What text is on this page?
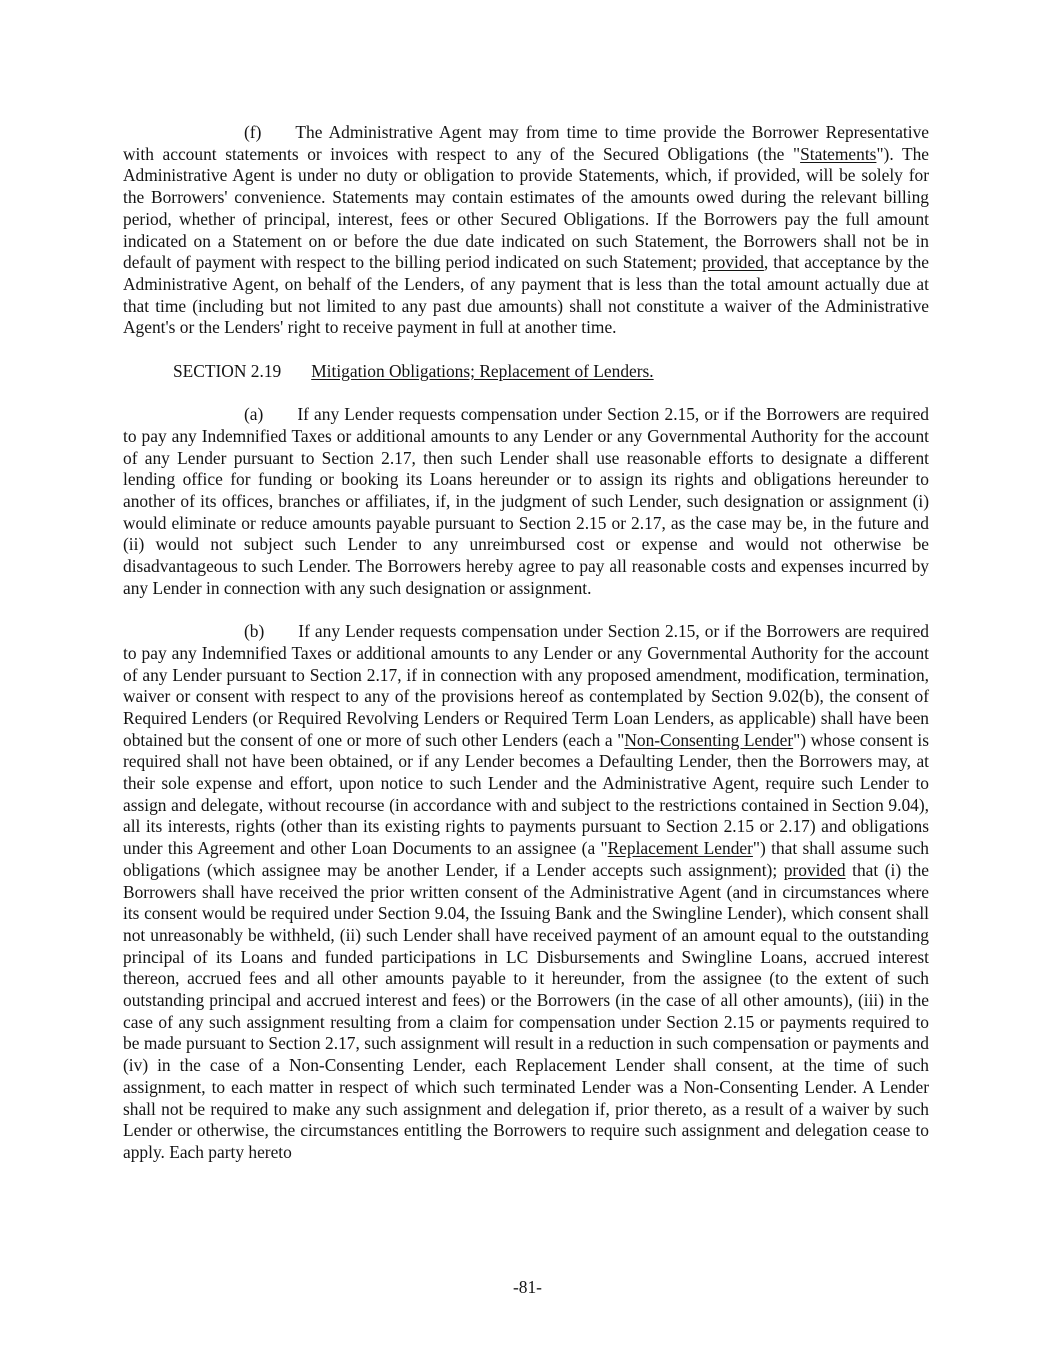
(f) The Administrative Agent may from time to time provide the Borrower Representative with account statements or invoices with respect to any of the Secured Obligations (the "Statements"). The Administrative Agent is under no duty or obligation to provide Statements, which, if provided, will be solely for the Borrowers' convenience. Statements may contain estimates of the amounts owed during the relevant billing period, whether of principal, interest, fees or other Secured Obligations. If the Borrowers pay the full amount indicated on a Statement on or before the due date indicated on such Statement, the Borrowers shall not be in default of payment with respect to the billing period indicated on such Statement; provided, that acceptance by the Administrative Agent, on behalf of the Lenders, of any payment that is less than the total amount actually due at that time (including but not limited to any past due amounts) shall not constitute a waiver of the Administrative Agent's or the Lenders' right to receive payment in full at another time.

SECTION 2.19 Mitigation Obligations; Replacement of Lenders.

(a) If any Lender requests compensation under Section 2.15, or if the Borrowers are required to pay any Indemnified Taxes or additional amounts to any Lender or any Governmental Authority for the account of any Lender pursuant to Section 2.17, then such Lender shall use reasonable efforts to designate a different lending office for funding or booking its Loans hereunder or to assign its rights and obligations hereunder to another of its offices, branches or affiliates, if, in the judgment of such Lender, such designation or assignment (i) would eliminate or reduce amounts payable pursuant to Section 2.15 or 2.17, as the case may be, in the future and (ii) would not subject such Lender to any unreimbursed cost or expense and would not otherwise be disadvantageous to such Lender. The Borrowers hereby agree to pay all reasonable costs and expenses incurred by any Lender in connection with any such designation or assignment.

(b) If any Lender requests compensation under Section 2.15, or if the Borrowers are required to pay any Indemnified Taxes or additional amounts to any Lender or any Governmental Authority for the account of any Lender pursuant to Section 2.17, if in connection with any proposed amendment, modification, termination, waiver or consent with respect to any of the provisions hereof as contemplated by Section 9.02(b), the consent of Required Lenders (or Required Revolving Lenders or Required Term Loan Lenders, as applicable) shall have been obtained but the consent of one or more of such other Lenders (each a "Non-Consenting Lender") whose consent is required shall not have been obtained, or if any Lender becomes a Defaulting Lender, then the Borrowers may, at their sole expense and effort, upon notice to such Lender and the Administrative Agent, require such Lender to assign and delegate, without recourse (in accordance with and subject to the restrictions contained in Section 9.04), all its interests, rights (other than its existing rights to payments pursuant to Section 2.15 or 2.17) and obligations under this Agreement and other Loan Documents to an assignee (a "Replacement Lender") that shall assume such obligations (which assignee may be another Lender, if a Lender accepts such assignment); provided that (i) the Borrowers shall have received the prior written consent of the Administrative Agent (and in circumstances where its consent would be required under Section 9.04, the Issuing Bank and the Swingline Lender), which consent shall not unreasonably be withheld, (ii) such Lender shall have received payment of an amount equal to the outstanding principal of its Loans and funded participations in LC Disbursements and Swingline Loans, accrued interest thereon, accrued fees and all other amounts payable to it hereunder, from the assignee (to the extent of such outstanding principal and accrued interest and fees) or the Borrowers (in the case of all other amounts), (iii) in the case of any such assignment resulting from a claim for compensation under Section 2.15 or payments required to be made pursuant to Section 2.17, such assignment will result in a reduction in such compensation or payments and (iv) in the case of a Non-Consenting Lender, each Replacement Lender shall consent, at the time of such assignment, to each matter in respect of which such terminated Lender was a Non-Consenting Lender. A Lender shall not be required to make any such assignment and delegation if, prior thereto, as a result of a waiver by such Lender or otherwise, the circumstances entitling the Borrowers to require such assignment and delegation cease to apply. Each party hereto

-81-
